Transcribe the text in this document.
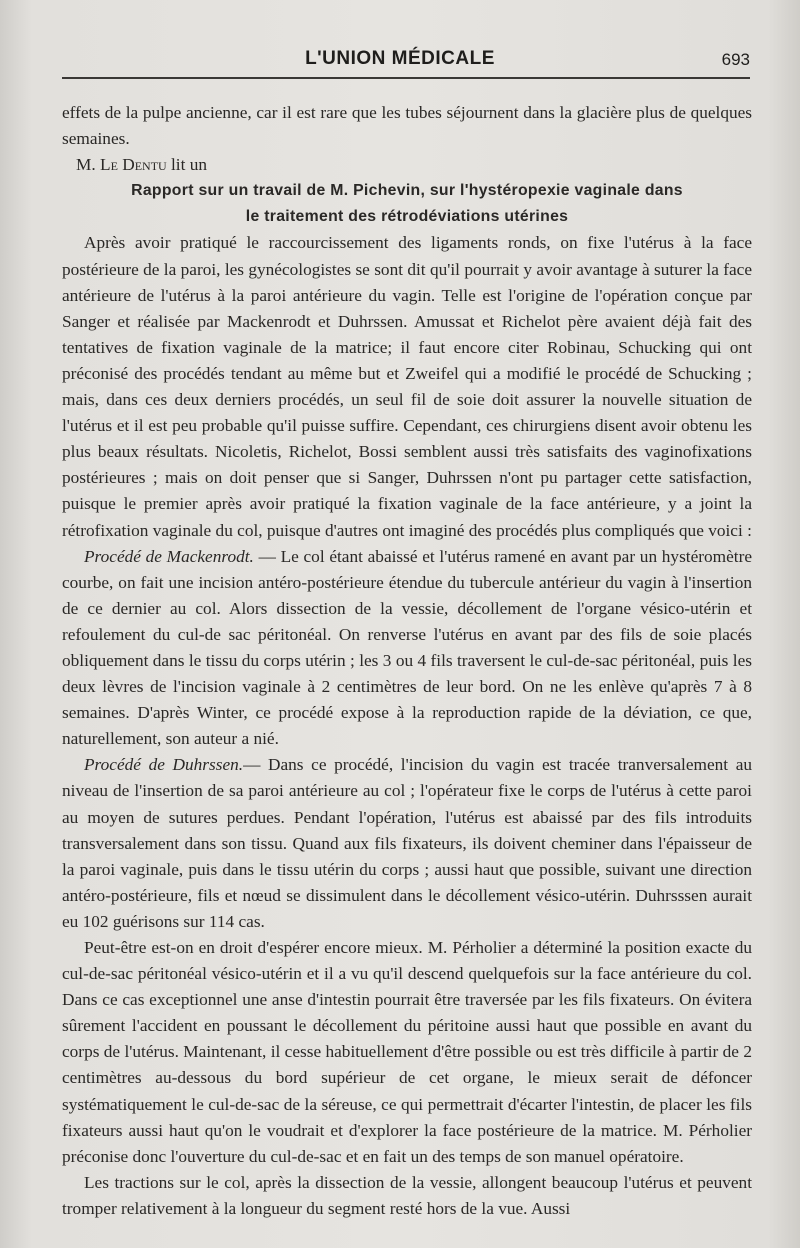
L'UNION MÉDICALE	693

effets de la pulpe ancienne, car il est rare que les tubes séjournent dans la glacière plus de quelques semaines.

M. Le Dentu lit un

Rapport sur un travail de M. Pichevin, sur l'hystéropexie vaginale dans

le traitement des rétrodéviations utérines

Après avoir pratiqué le raccourcissement des ligaments ronds, on fixe l'utérus à la face postérieure de la paroi, les gynécologistes se sont dit qu'il pourrait y avoir avantage à suturer la face antérieure de l'utérus à la paroi antérieure du vagin. Telle est l'origine de l'opération conçue par Sanger et réalisée par Mackenrodt et Duhrssen. Amussat et Richelot père avaient déjà fait des tentatives de fixation vaginale de la matrice; il faut encore citer Robinau, Schucking qui ont préconisé des procédés tendant au même but et Zweifel qui a modifié le procédé de Schucking ; mais, dans ces deux derniers procédés, un seul fil de soie doit assurer la nouvelle situation de l'utérus et il est peu probable qu'il puisse suffire. Cependant, ces chirurgiens disent avoir obtenu les plus beaux résultats. Nicoletis, Richelot, Bossi semblent aussi très satisfaits des vaginofixations postérieures ; mais on doit penser que si Sanger, Duhrssen n'ont pu partager cette satisfaction, puisque le premier après avoir pratiqué la fixation vaginale de la face antérieure, y a joint la rétrofixation vaginale du col, puisque d'autres ont imaginé des procédés plus compliqués que voici :

Procédé de Mackenrodt. — Le col étant abaissé et l'utérus ramené en avant par un hystéromètre courbe, on fait une incision antéro-postérieure étendue du tubercule antérieur du vagin à l'insertion de ce dernier au col. Alors dissection de la vessie, décollement de l'organe vésico-utérin et refoulement du cul-de sac péritonéal. On renverse l'utérus en avant par des fils de soie placés obliquement dans le tissu du corps utérin ; les 3 ou 4 fils traversent le cul-de-sac péritonéal, puis les deux lèvres de l'incision vaginale à 2 centimètres de leur bord. On ne les enlève qu'après 7 à 8 semaines. D'après Winter, ce procédé expose à la reproduction rapide de la déviation, ce que, naturellement, son auteur a nié.

Procédé de Duhrssen.— Dans ce procédé, l'incision du vagin est tracée tranversalement au niveau de l'insertion de sa paroi antérieure au col ; l'opérateur fixe le corps de l'utérus à cette paroi au moyen de sutures perdues. Pendant l'opération, l'utérus est abaissé par des fils introduits transversalement dans son tissu. Quand aux fils fixateurs, ils doivent cheminer dans l'épaisseur de la paroi vaginale, puis dans le tissu utérin du corps ; aussi haut que possible, suivant une direction antéro-postérieure, fils et nœud se dissimulent dans le décollement vésico-utérin. Duhrsssen aurait eu 102 guérisons sur 114 cas.

Peut-être est-on en droit d'espérer encore mieux. M. Pérholier a déterminé la position exacte du cul-de-sac péritonéal vésico-utérin et il a vu qu'il descend quelquefois sur la face antérieure du col. Dans ce cas exceptionnel une anse d'intestin pourrait être traversée par les fils fixateurs. On évitera sûrement l'accident en poussant le décollement du péritoine aussi haut que possible en avant du corps de l'utérus. Maintenant, il cesse habituellement d'être possible ou est très difficile à partir de 2 centimètres au-dessous du bord supérieur de cet organe, le mieux serait de défoncer systématiquement le cul-de-sac de la séreuse, ce qui permettrait d'écarter l'intestin, de placer les fils fixateurs aussi haut qu'on le voudrait et d'explorer la face postérieure de la matrice. M. Pérholier préconise donc l'ouverture du cul-de-sac et en fait un des temps de son manuel opératoire.

Les tractions sur le col, après la dissection de la vessie, allongent beaucoup l'utérus et peuvent tromper relativement à la longueur du segment resté hors de la vue. Aussi
